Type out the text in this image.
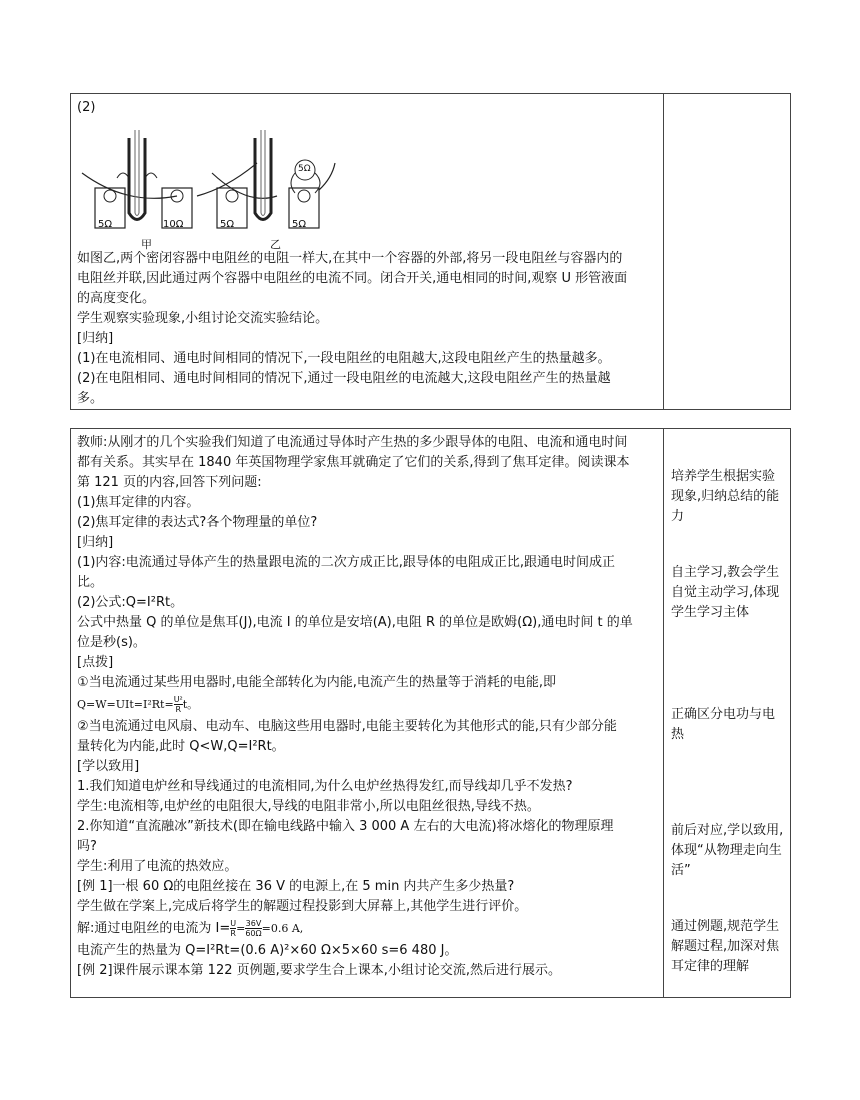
(2)
5Ω	10Ω	5Ω	5Ω
5Ω
甲	乙
如图乙,两个密闭容器中电阻丝的电阻一样大,在其中一个容器的外部,将另一段电阻丝与容器内的
电阻丝并联,因此通过两个容器中电阻丝的电流不同。闭合开关,通电相同的时间,观察 U 形管液面
的高度变化。
学生观察实验现象,小组讨论交流实验结论。
[归纳]
(1)在电流相同、通电时间相同的情况下,一段电阻丝的电阻越大,这段电阻丝产生的热量越多。
(2)在电阻相同、通电时间相同的情况下,通过一段电阻丝的电流越大,这段电阻丝产生的热量越
多。
教师:从刚才的几个实验我们知道了电流通过导体时产生热的多少跟导体的电阻、电流和通电时间
都有关系。其实早在 1840 年英国物理学家焦耳就确定了它们的关系,得到了焦耳定律。阅读课本
第 121 页的内容,回答下列问题:
(1)焦耳定律的内容。
(2)焦耳定律的表达式?各个物理量的单位?
[归纳]
(1)内容:电流通过导体产生的热量跟电流的二次方成正比,跟导体的电阻成正比,跟通电时间成正
比。
(2)公式:Q=I²Rt。
公式中热量 Q 的单位是焦耳(J),电流 I 的单位是安培(A),电阻 R 的单位是欧姆(Ω),通电时间 t 的单
位是秒(s)。
[点拨]
①当电流通过某些用电器时,电能全部转化为内能,电流产生的热量等于消耗的电能,即
$Q=W=UIt=I^2Rt= \frac{\text{U²}}{R}$ t。
②当电流通过电风扇、电动车、电脑这些用电器时,电能主要转化为其他形式的能,只有少部分能
量转化为内能,此时 Q<W,Q=I²Rt。
[学以致用]
1.我们知道电炉丝和导线通过的电流相同,为什么电炉丝热得发红,而导线却几乎不发热?
学生:电流相等,电炉丝的电阻很大,导线的电阻非常小,所以电阻丝很热,导线不热。
2.你知道“直流融冰”新技术(即在输电线路中输入 3 000 A 左右的大电流)将冰熔化的物理原理
吗?
学生:利用了电流的热效应。
[例 1]一根 60 Ω的电阻丝接在 36 V 的电源上,在 5 min 内共产生多少热量?
学生做在学案上,完成后将学生的解题过程投影到大屏幕上,其他学生进行评价。
解:通过电阻丝的电流为 $I= \frac{U}{R} = \frac{36V}{60\Omega} =0.6$ A,
电流产生的热量为 Q=I²Rt=(0.6 A)²×60 Ω×5×60 s=6 480 J。
[例 2]课件展示课本第 122 页例题,要求学生合上课本,小组讨论交流,然后进行展示。
培养学生根据实验现象,归纳总结的能力
自主学习,教会学生自觉主动学习,体现学生学习主体
正确区分电功与电热
前后对应,学以致用,体现“从物理走向生活”
通过例题,规范学生解题过程,加深对焦耳定律的理解
